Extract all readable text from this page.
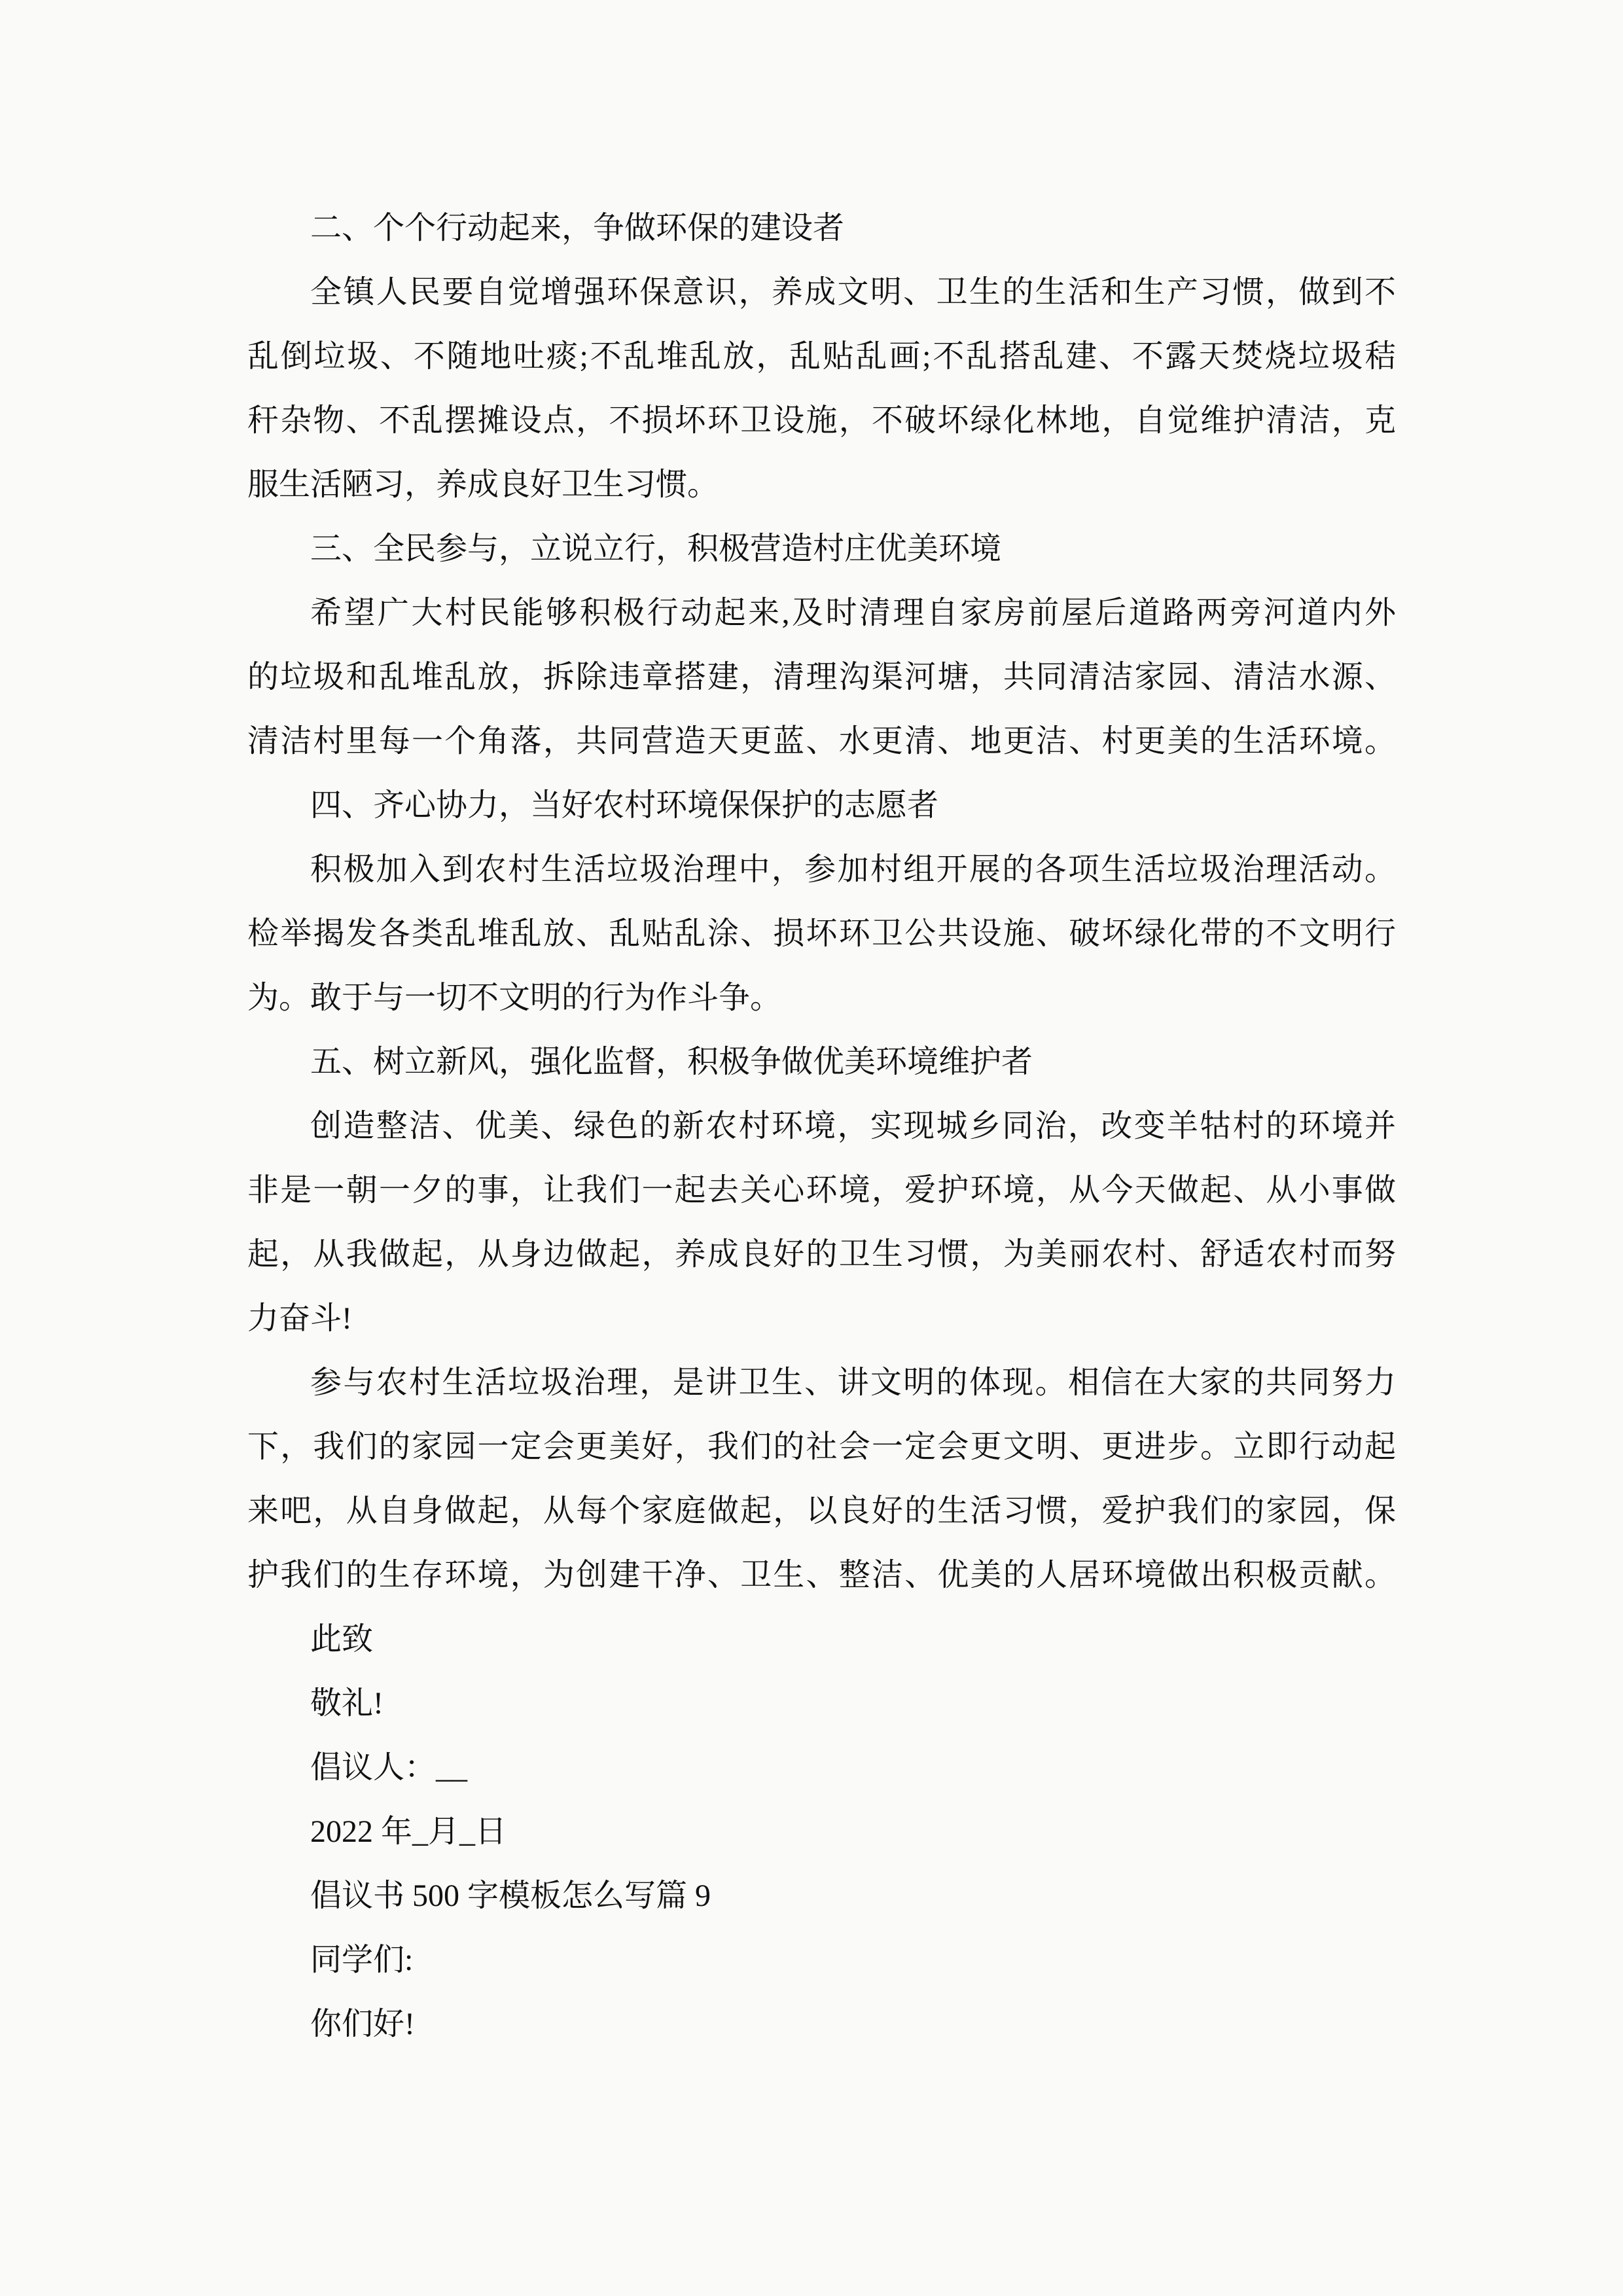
二、个个行动起来，争做环保的建设者
全镇人民要自觉增强环保意识，养成文明、卫生的生活和生产习惯，做到不
乱倒垃圾、不随地吐痰;不乱堆乱放，乱贴乱画;不乱搭乱建、不露天焚烧垃圾秸
秆杂物、不乱摆摊设点，不损坏环卫设施，不破坏绿化林地，自觉维护清洁，克
服生活陋习，养成良好卫生习惯。
三、全民参与，立说立行，积极营造村庄优美环境
希望广大村民能够积极行动起来,及时清理自家房前屋后道路两旁河道内外
的垃圾和乱堆乱放，拆除违章搭建，清理沟渠河塘，共同清洁家园、清洁水源、
清洁村里每一个角落，共同营造天更蓝、水更清、地更洁、村更美的生活环境。
四、齐心协力，当好农村环境保保护的志愿者
积极加入到农村生活垃圾治理中，参加村组开展的各项生活垃圾治理活动。
检举揭发各类乱堆乱放、乱贴乱涂、损坏环卫公共设施、破坏绿化带的不文明行
为。敢于与一切不文明的行为作斗争。
五、树立新风，强化监督，积极争做优美环境维护者
创造整洁、优美、绿色的新农村环境，实现城乡同治，改变羊牯村的环境并
非是一朝一夕的事，让我们一起去关心环境，爱护环境，从今天做起、从小事做
起，从我做起，从身边做起，养成良好的卫生习惯，为美丽农村、舒适农村而努
力奋斗!
参与农村生活垃圾治理，是讲卫生、讲文明的体现。相信在大家的共同努力
下，我们的家园一定会更美好，我们的社会一定会更文明、更进步。立即行动起
来吧，从自身做起，从每个家庭做起，以良好的生活习惯，爱护我们的家园，保
护我们的生存环境，为创建干净、卫生、整洁、优美的人居环境做出积极贡献。
此致
敬礼!
倡议人：__
2022 年_月_日
倡议书 500 字模板怎么写篇 9
同学们:
你们好!
